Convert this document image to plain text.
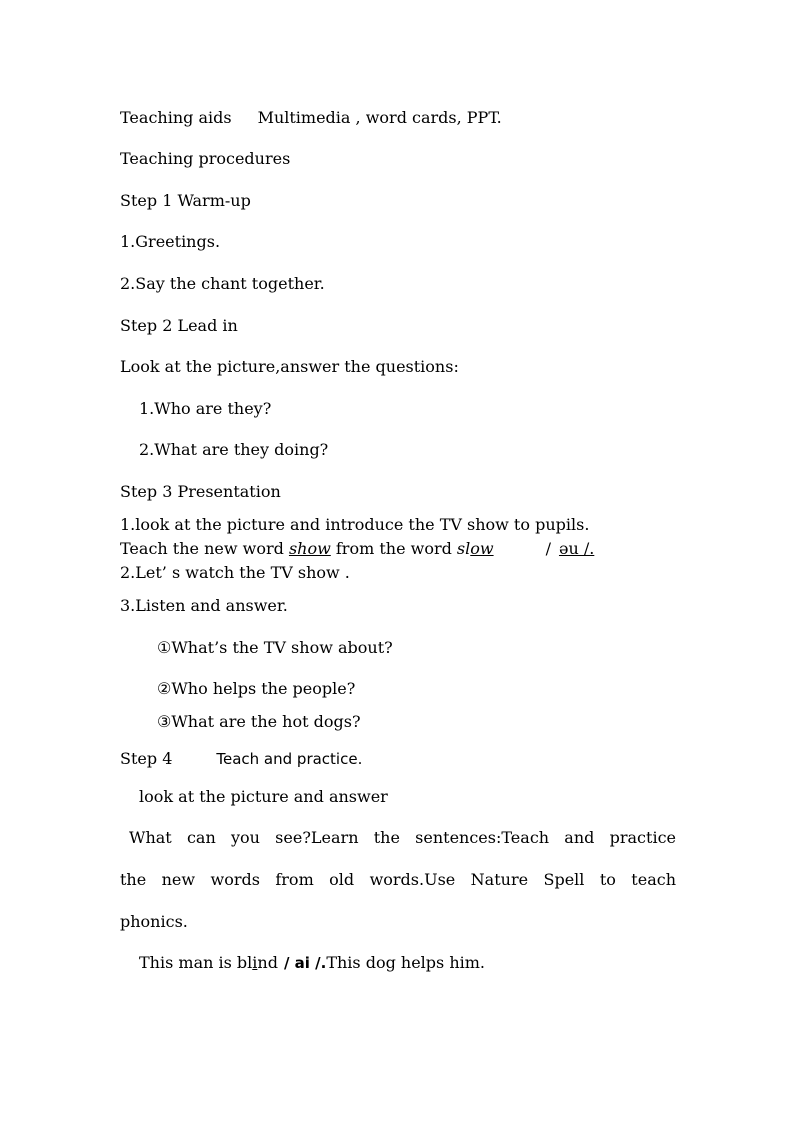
Teaching aids Multimedia , word cards, PPT.
Teaching procedures
Step 1 Warm-up
1.Greetings.
2.Say the chant together.
Step 2 Lead in
Look at the picture,answer the questions:
1.Who are they?
2.What are they doing?
Step 3 Presentation
1.look at the picture and introduce the TV show to pupils.
Teach the new word show from the word slow	/ əu /.
2.Let’ s watch the TV show .
3.Listen and answer.
①What’s the TV show about?
②Who helps the people?
③What are the hot dogs?
Step 4	Teach and practice.
look at the picture and answer
What can you see?Learn the sentences:Teach and practice
the new words from old words.Use Nature Spell to teach
phonics.
This man is blind / ai /.This dog helps him.
